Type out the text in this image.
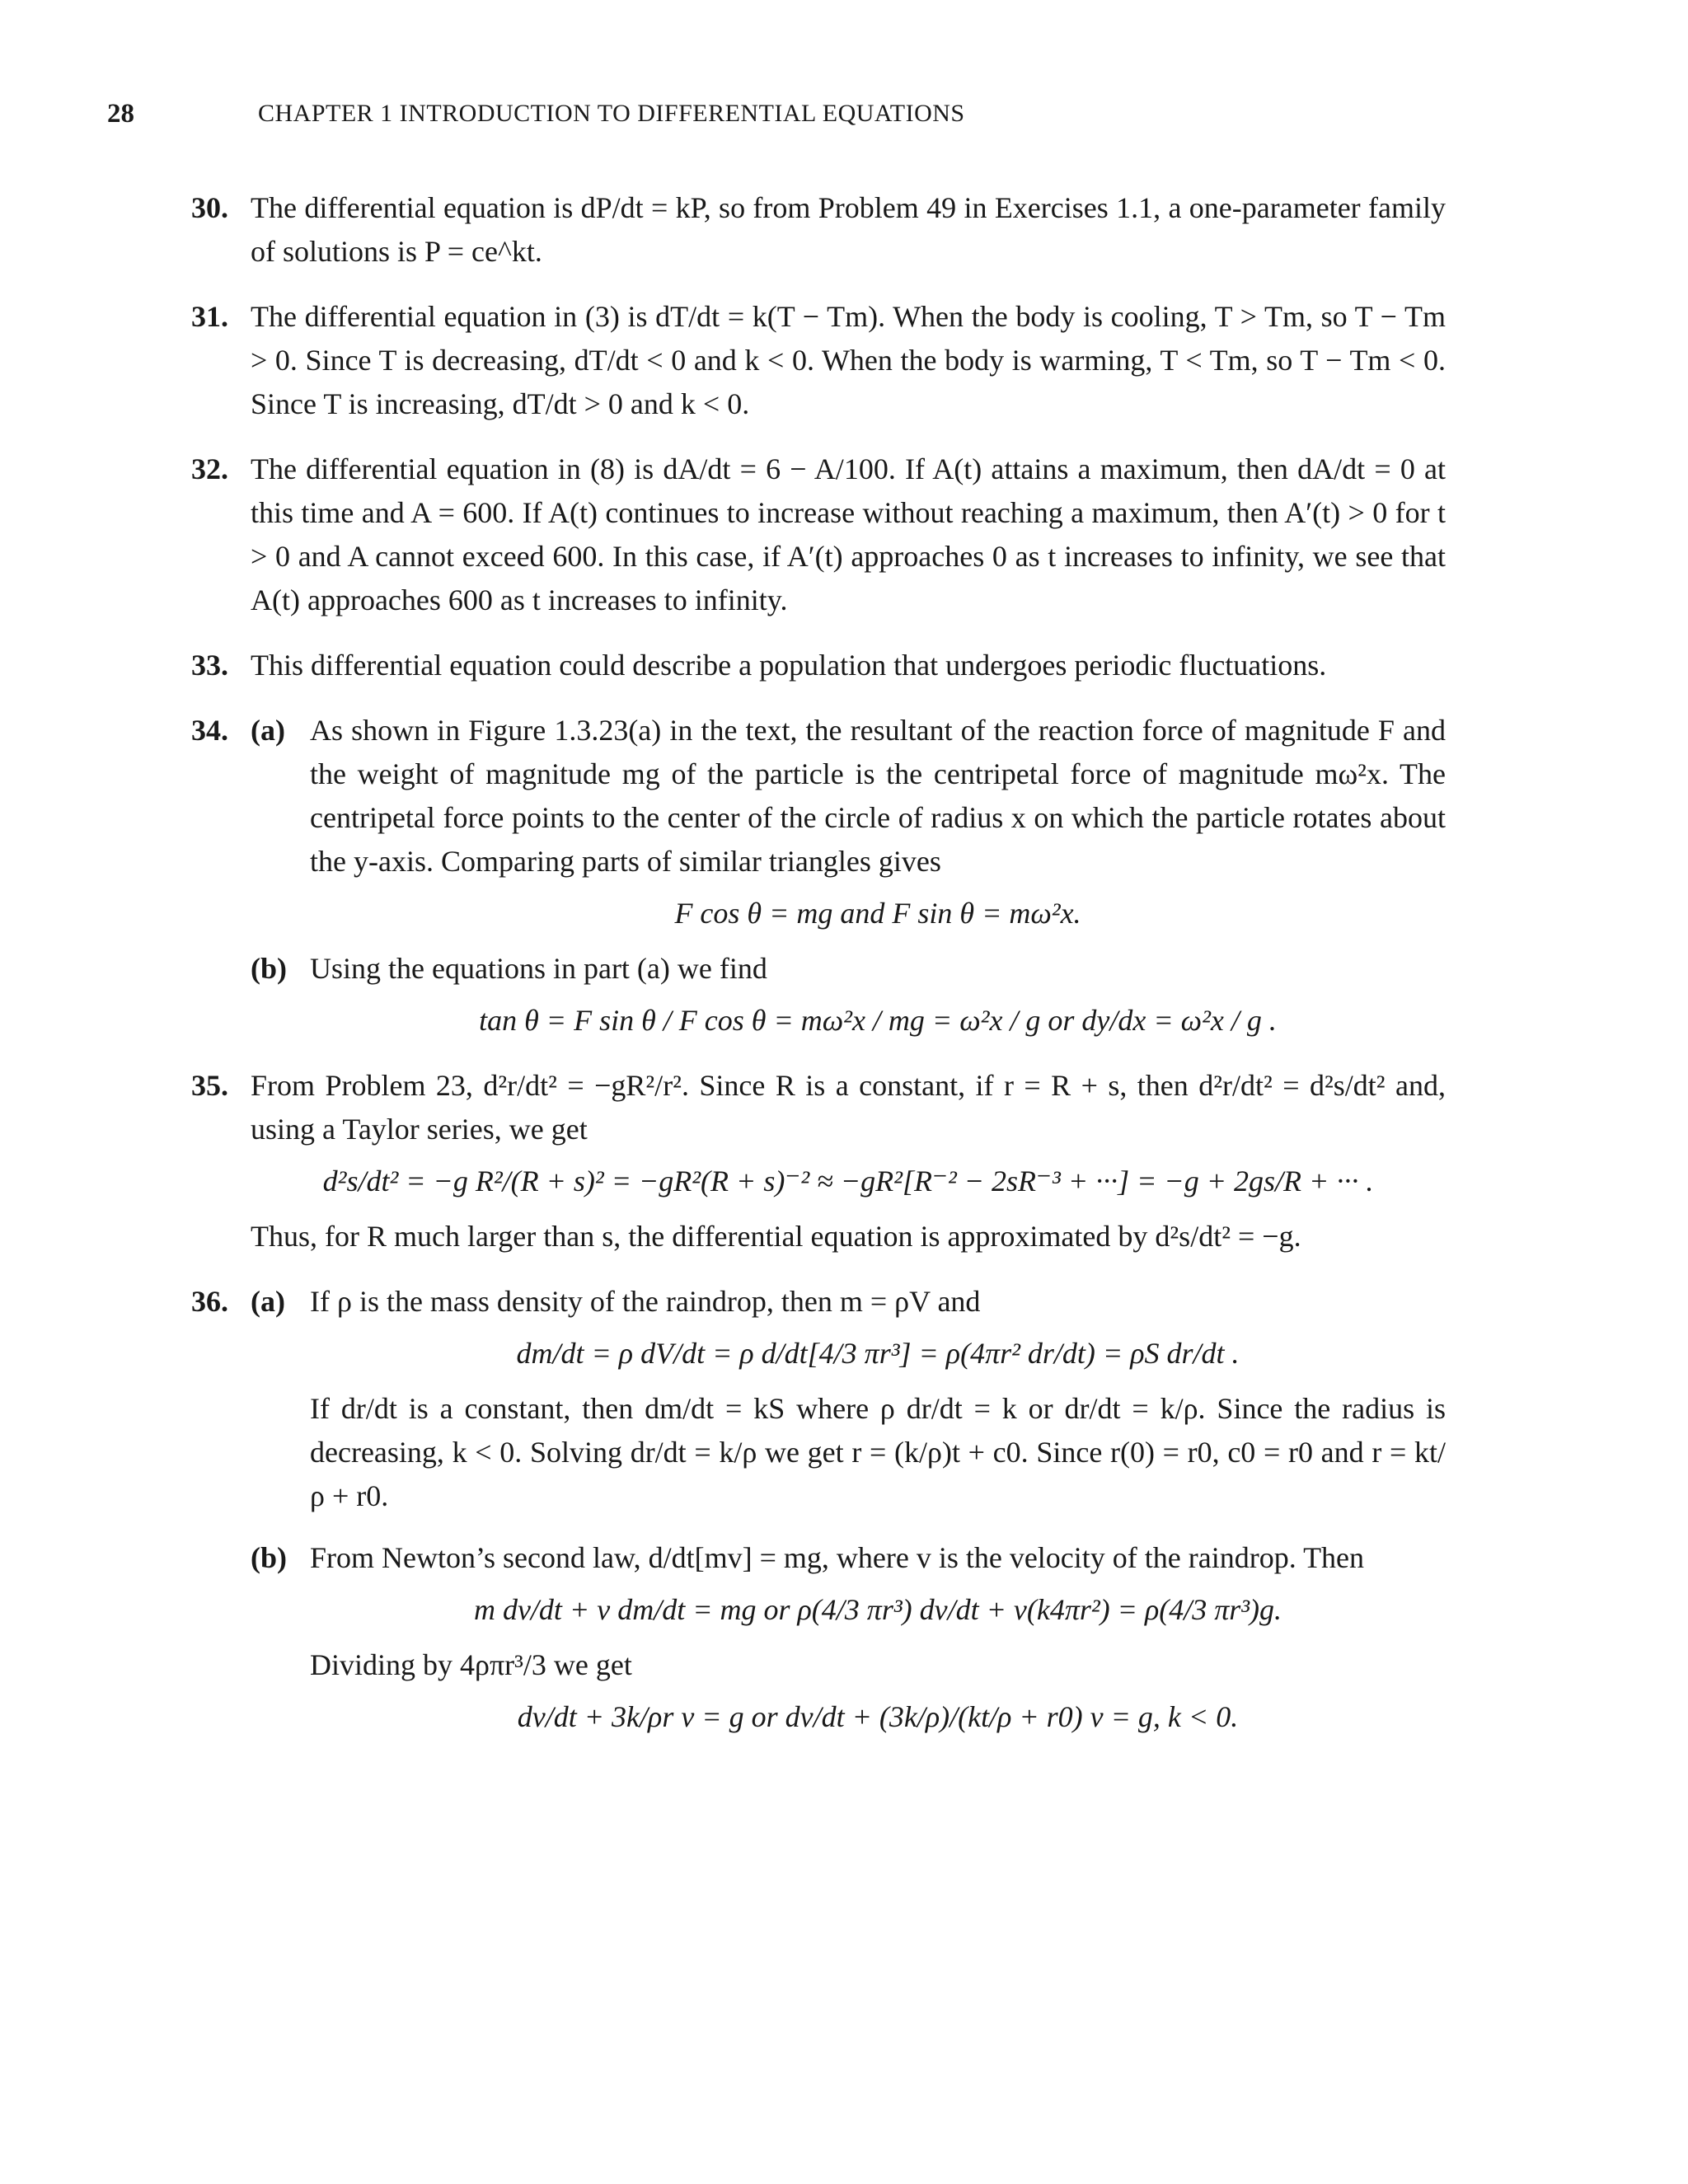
28	CHAPTER 1 INTRODUCTION TO DIFFERENTIAL EQUATIONS
30. The differential equation is dP/dt = kP, so from Problem 49 in Exercises 1.1, a one-parameter family of solutions is P = ce^kt.

31. The differential equation in (3) is dT/dt = k(T − Tm). When the body is cooling, T > Tm, so T − Tm > 0. Since T is decreasing, dT/dt < 0 and k < 0. When the body is warming, T < Tm, so T − Tm < 0. Since T is increasing, dT/dt > 0 and k < 0.

32. The differential equation in (8) is dA/dt = 6 − A/100. If A(t) attains a maximum, then dA/dt = 0 at this time and A = 600. If A(t) continues to increase without reaching a maximum, then A′(t) > 0 for t > 0 and A cannot exceed 600. In this case, if A′(t) approaches 0 as t increases to infinity, we see that A(t) approaches 600 as t increases to infinity.

33. This differential equation could describe a population that undergoes periodic fluctuations.

34. (a) As shown in Figure 1.3.23(a) in the text, the resultant of the reaction force of magnitude F and the weight of magnitude mg of the particle is the centripetal force of magnitude mω²x. The centripetal force points to the center of the circle of radius x on which the particle rotates about the y-axis. Comparing parts of similar triangles gives

F cos θ = mg and F sin θ = mω²x.
(b) Using the equations in part (a) we find

tan θ = F sin θ / F cos θ = mω²x / mg = ω²x / g or dy/dx = ω²x / g .
35. From Problem 23, d²r/dt² = −gR²/r². Since R is a constant, if r = R + s, then d²r/dt² = d²s/dt² and, using a Taylor series, we get

d²s/dt² = −g R²/(R + s)² = −gR²(R + s)⁻² ≈ −gR²[R⁻² − 2sR⁻³ + ···] = −g + 2gs/R + ··· .

Thus, for R much larger than s, the differential equation is approximated by d²s/dt² = −g.

36. (a) If ρ is the mass density of the raindrop, then m = ρV and

dm/dt = ρ dV/dt = ρ d/dt[4/3 πr³] = ρ(4πr² dr/dt) = ρS dr/dt .

If dr/dt is a constant, then dm/dt = kS where ρ dr/dt = k or dr/dt = k/ρ. Since the radius is decreasing, k < 0. Solving dr/dt = k/ρ we get r = (k/ρ)t + c0. Since r(0) = r0, c0 = r0 and r = kt/ρ + r0.

(b) From Newton’s second law, d/dt[mv] = mg, where v is the velocity of the raindrop. Then

m dv/dt + v dm/dt = mg or ρ(4/3 πr³) dv/dt + v(k4πr²) = ρ(4/3 πr³)g.

Dividing by 4ρπr³/3 we get

dv/dt + 3k/ρr v = g or dv/dt + (3k/ρ)/(kt/ρ + r0) v = g, k < 0.
